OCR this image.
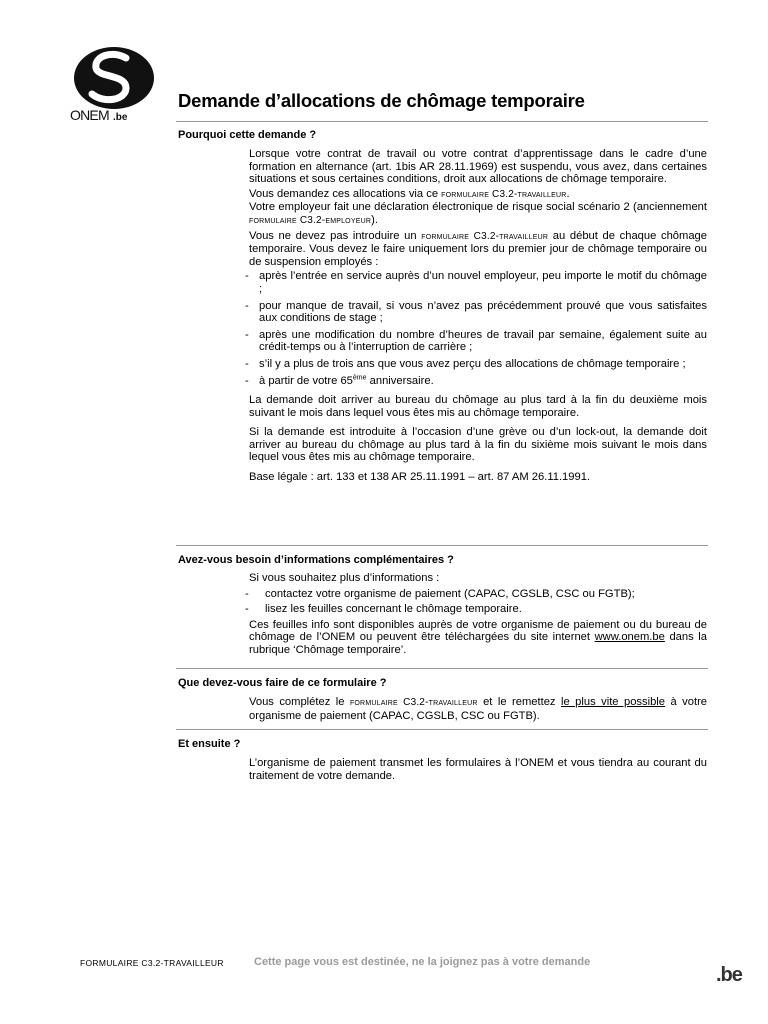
ONEM .be
Demande d’allocations de chômage temporaire
Pourquoi cette demande ?

Lorsque votre contrat de travail ou votre contrat d’apprentissage dans le cadre d’une formation en alternance (art. 1bis AR 28.11.1969) est suspendu, vous avez, dans certaines situations et sous certaines conditions, droit aux allocations de chômage temporaire.

Vous demandez ces allocations via ce formulaire C3.2-travailleur.

Votre employeur fait une déclaration électronique de risque social scénario 2 (anciennement formulaire C3.2-employeur).

Vous ne devez pas introduire un formulaire C3.2-travailleur au début de chaque chômage temporaire. Vous devez le faire uniquement lors du premier jour de chômage temporaire ou de suspension employés :

- après l’entrée en service auprès d’un nouvel employeur, peu importe le motif du chômage ;
- pour manque de travail, si vous n’avez pas précédemment prouvé que vous satisfaites aux conditions de stage ;
- après une modification du nombre d’heures de travail par semaine, également suite au crédit-temps ou à l’interruption de carrière ;
- s’il y a plus de trois ans que vous avez perçu des allocations de chômage temporaire ;
- à partir de votre 65ème anniversaire.

La demande doit arriver au bureau du chômage au plus tard à la fin du deuxième mois suivant le mois dans lequel vous êtes mis au chômage temporaire.

Si la demande est introduite à l’occasion d’une grève ou d’un lock-out, la demande doit arriver au bureau du chômage au plus tard à la fin du sixième mois suivant le mois dans lequel vous êtes mis au chômage temporaire.

Base légale : art. 133 et 138 AR 25.11.1991 – art. 87 AM 26.11.1991.

Avez-vous besoin d’informations complémentaires ?

Si vous souhaitez plus d’informations :

- contactez votre organisme de paiement (CAPAC, CGSLB, CSC ou FGTB);
- lisez les feuilles concernant le chômage temporaire.

Ces feuilles info sont disponibles auprès de votre organisme de paiement ou du bureau de chômage de l’ONEM ou peuvent être téléchargées du site internet www.onem.be dans la rubrique ‘Chômage temporaire’.

Que devez-vous faire de ce formulaire ?

Vous complétez le formulaire C3.2-travailleur et le remettez le plus vite possible à votre organisme de paiement (CAPAC, CGSLB, CSC ou FGTB).

Et ensuite ?

L’organisme de paiement transmet les formulaires à l’ONEM et vous tiendra au courant du traitement de votre demande.

FORMULAIRE C3.2-TRAVAILLEUR	Cette page vous est destinée, ne la joignez pas à votre demande
.be
